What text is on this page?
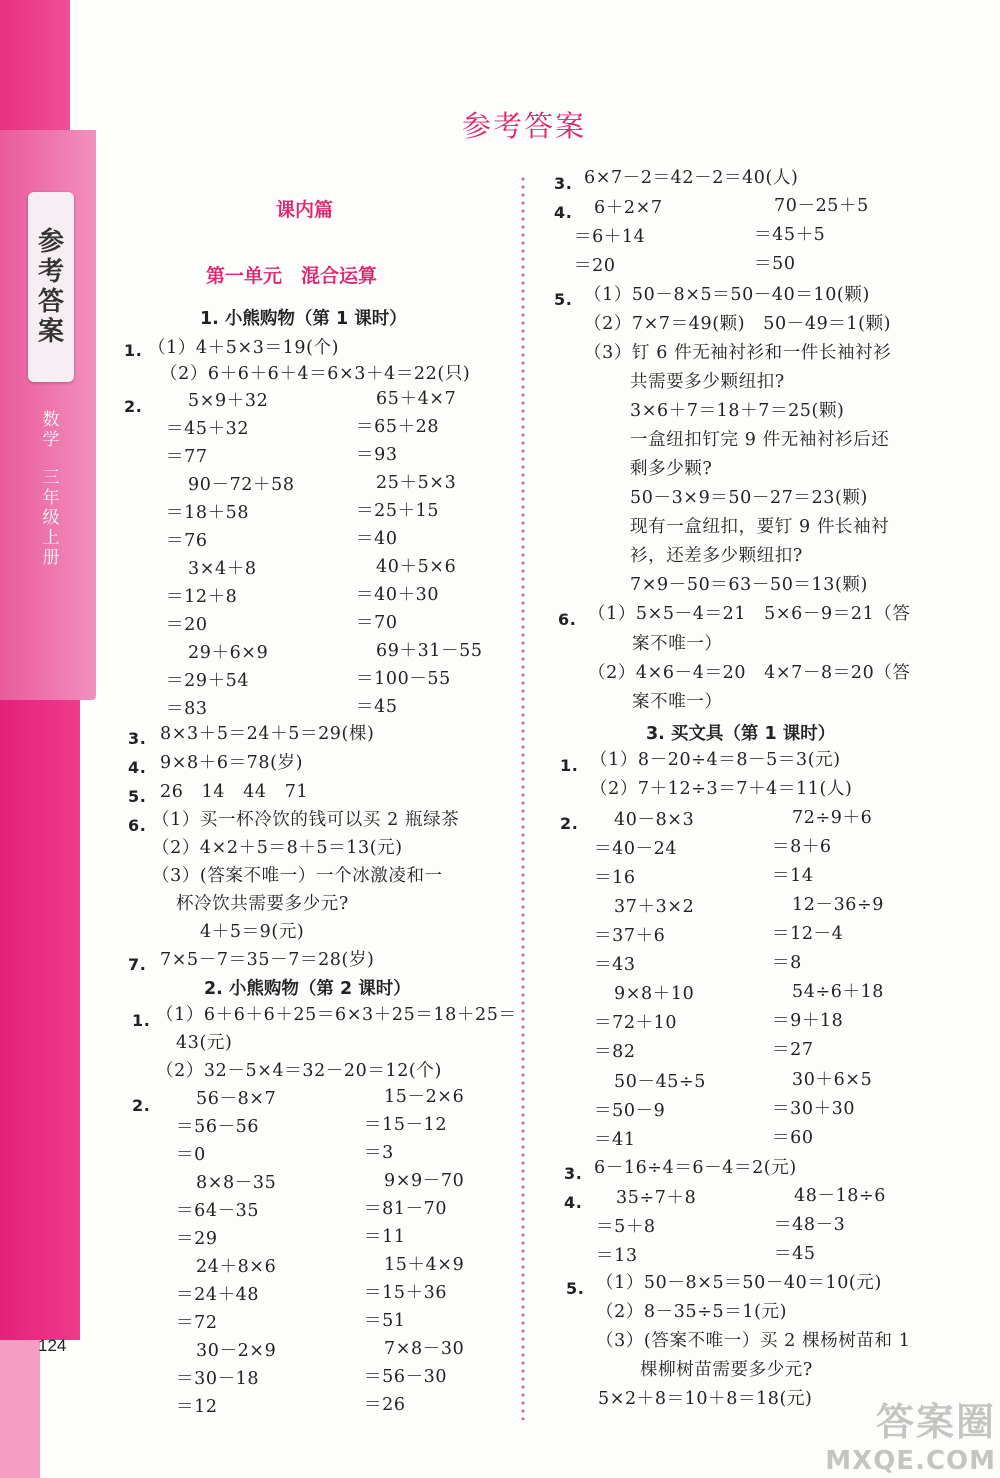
参
考
答
案
数
学
三
年
级
上
册
124
参考答案
课内篇
第一单元　混合运算
1. 小熊购物（第 1 课时）
1. （1）4＋5×3＝19(个)
（2）6＋6＋6＋4＝6×3＋4＝22(只)
2.	5×9＋32
＝45＋32
＝77
90－72＋58
＝18＋58
＝76
3×4＋8
＝12＋8
＝20
29＋6×9
＝29＋54
＝83
65＋4×7
＝65＋28
＝93
25＋5×3
＝25＋15
＝40
40＋5×6
＝40＋30
＝70
69＋31－55
＝100－55
＝45
3. 8×3＋5＝24＋5＝29(棵)
4. 9×8＋6＝78(岁)
5. 26　14　44　71
6. （1）买一杯冷饮的钱可以买 2 瓶绿茶
（2）4×2＋5＝8＋5＝13(元)
（3）(答案不唯一）一个冰激凌和一
杯冷饮共需要多少元?
4＋5＝9(元)
7. 7×5－7＝35－7＝28(岁)
2. 小熊购物（第 2 课时）
1. （1）6＋6＋6＋25＝6×3＋25＝18＋25＝
43(元)
（2）32－5×4＝32－20＝12(个)
2.	56－8×7
＝56－56
＝0
8×8－35
＝64－35
＝29
24＋8×6
＝24＋48
＝72
30－2×9
＝30－18
＝12
15－2×6
＝15－12
＝3
9×9－70
＝81－70
＝11
15＋4×9
＝15＋36
＝51
7×8－30
＝56－30
＝26
3. 6×7－2＝42－2＝40(人)
4. 6＋2×7
＝6＋14
＝20
70－25＋5
＝45＋5
＝50
5. （1）50－8×5＝50－40＝10(颗)
（2）7×7＝49(颗)　50－49＝1(颗)
（3）钉 6 件无袖衬衫和一件长袖衬衫
共需要多少颗纽扣?
3×6＋7＝18＋7＝25(颗)
一盒纽扣钉完 9 件无袖衬衫后还
剩多少颗?
50－3×9＝50－27＝23(颗)
现有一盒纽扣，要钉 9 件长袖衬
衫，还差多少颗纽扣?
7×9－50＝63－50＝13(颗)
6. （1）5×5－4＝21　5×6－9＝21（答
案不唯一）
（2）4×6－4＝20　4×7－8＝20（答
案不唯一）
3. 买文具（第 1 课时）
1. （1）8－20÷4＝8－5＝3(元)
（2）7＋12÷3＝7＋4＝11(人)
2. 40－8×3
＝40－24
＝16
37＋3×2
＝37＋6
＝43
9×8＋10
＝72＋10
＝82
50－45÷5
＝50－9
＝41
72÷9＋6
＝8＋6
＝14
12－36÷9
＝12－4
＝8
54÷6＋18
＝9＋18
＝27
30＋6×5
＝30＋30
＝60
3. 6－16÷4＝6－4＝2(元)
4. 35÷7＋8
＝5＋8
＝13
48－18÷6
＝48－3
＝45
5. （1）50－8×5＝50－40＝10(元)
（2）8－35÷5＝1(元)
（3）(答案不唯一）买 2 棵杨树苗和 1
棵柳树苗需要多少元?
5×2＋8＝10＋8＝18(元)
答案圈
MXQE.COM
